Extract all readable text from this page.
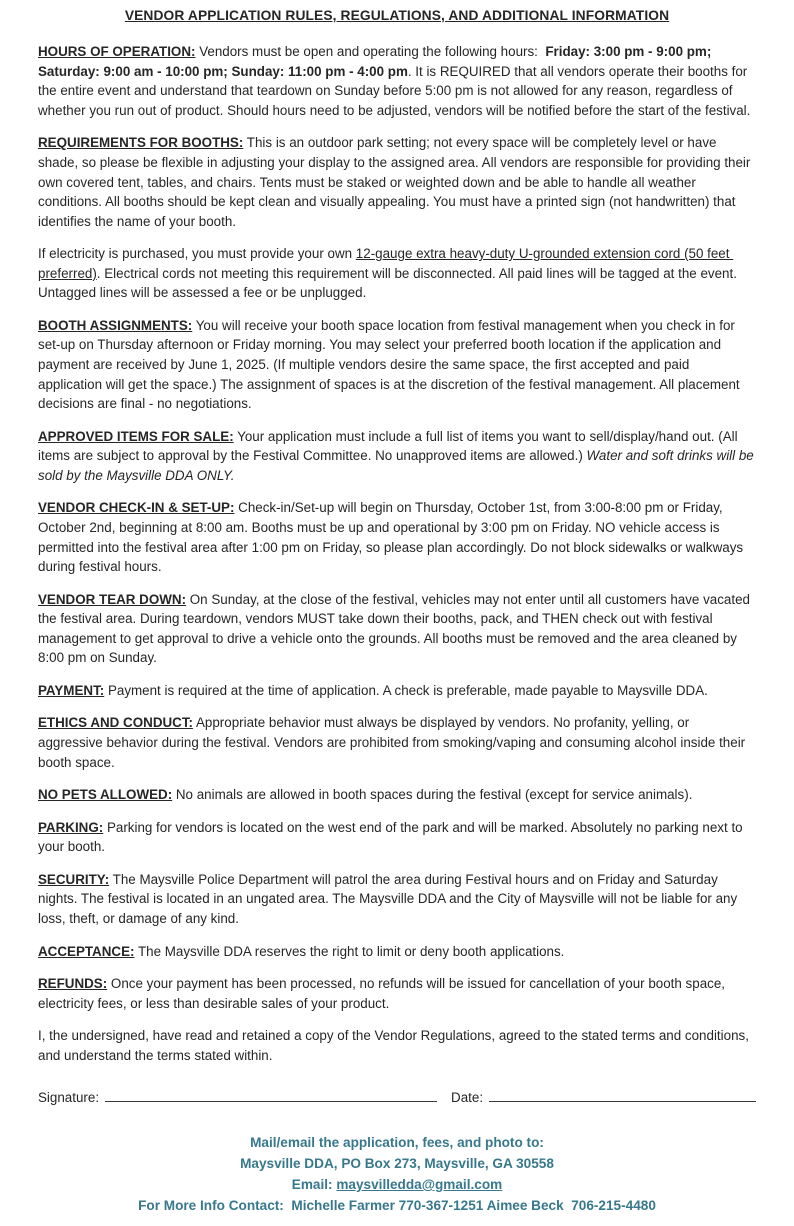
VENDOR APPLICATION RULES, REGULATIONS, AND ADDITIONAL INFORMATION

HOURS OF OPERATION: Vendors must be open and operating the following hours:  Friday: 3:00 pm - 9:00 pm; Saturday: 9:00 am - 10:00 pm; Sunday: 11:00 pm - 4:00 pm. It is REQUIRED that all vendors operate their booths for the entire event and understand that teardown on Sunday before 5:00 pm is not allowed for any reason, regardless of whether you run out of product. Should hours need to be adjusted, vendors will be notified before the start of the festival.

REQUIREMENTS FOR BOOTHS: This is an outdoor park setting; not every space will be completely level or have shade, so please be flexible in adjusting your display to the assigned area. All vendors are responsible for providing their own covered tent, tables, and chairs. Tents must be staked or weighted down and be able to handle all weather conditions. All booths should be kept clean and visually appealing. You must have a printed sign (not handwritten) that identifies the name of your booth.

If electricity is purchased, you must provide your own 12-gauge extra heavy-duty U-grounded extension cord (50 feet preferred). Electrical cords not meeting this requirement will be disconnected. All paid lines will be tagged at the event. Untagged lines will be assessed a fee or be unplugged.

BOOTH ASSIGNMENTS: You will receive your booth space location from festival management when you check in for set-up on Thursday afternoon or Friday morning. You may select your preferred booth location if the application and payment are received by June 1, 2025. (If multiple vendors desire the same space, the first accepted and paid application will get the space.) The assignment of spaces is at the discretion of the festival management. All placement decisions are final - no negotiations.

APPROVED ITEMS FOR SALE: Your application must include a full list of items you want to sell/display/hand out. (All items are subject to approval by the Festival Committee. No unapproved items are allowed.) Water and soft drinks will be sold by the Maysville DDA ONLY.

VENDOR CHECK-IN & SET-UP: Check-in/Set-up will begin on Thursday, October 1st, from 3:00-8:00 pm or Friday, October 2nd, beginning at 8:00 am. Booths must be up and operational by 3:00 pm on Friday. NO vehicle access is permitted into the festival area after 1:00 pm on Friday, so please plan accordingly. Do not block sidewalks or walkways during festival hours.

VENDOR TEAR DOWN: On Sunday, at the close of the festival, vehicles may not enter until all customers have vacated the festival area. During teardown, vendors MUST take down their booths, pack, and THEN check out with festival management to get approval to drive a vehicle onto the grounds. All booths must be removed and the area cleaned by 8:00 pm on Sunday.

PAYMENT: Payment is required at the time of application. A check is preferable, made payable to Maysville DDA.

ETHICS AND CONDUCT: Appropriate behavior must always be displayed by vendors. No profanity, yelling, or aggressive behavior during the festival. Vendors are prohibited from smoking/vaping and consuming alcohol inside their booth space.

NO PETS ALLOWED: No animals are allowed in booth spaces during the festival (except for service animals).

PARKING: Parking for vendors is located on the west end of the park and will be marked. Absolutely no parking next to your booth.

SECURITY: The Maysville Police Department will patrol the area during Festival hours and on Friday and Saturday nights. The festival is located in an ungated area. The Maysville DDA and the City of Maysville will not be liable for any loss, theft, or damage of any kind.

ACCEPTANCE: The Maysville DDA reserves the right to limit or deny booth applications.

REFUNDS: Once your payment has been processed, no refunds will be issued for cancellation of your booth space, electricity fees, or less than desirable sales of your product.

I, the undersigned, have read and retained a copy of the Vendor Regulations, agreed to the stated terms and conditions, and understand the terms stated within.

Signature:	Date:
Mail/email the application, fees, and photo to:
Maysville DDA, PO Box 273, Maysville, GA 30558
Email: maysvilledda@gmail.com
For More Info Contact:  Michelle Farmer 770-367-1251 Aimee Beck  706-215-4480
